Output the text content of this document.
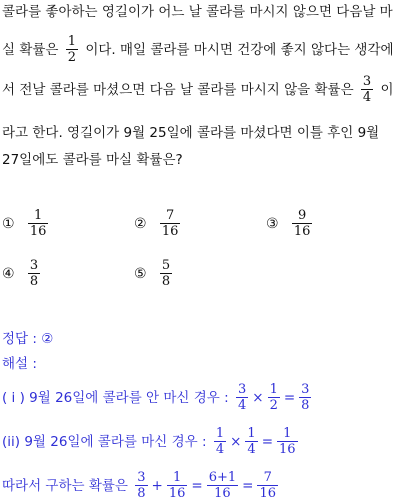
콜라를 좋아하는 영길이가 어느 날 콜라를 마시지 않으면 다음날 마
실 확률은 $\frac{1}{2}$ 이다. 매일 콜라를 마시면 건강에 좋지 않다는 생각에
서 전날 콜라를 마셨으면 다음 날 콜라를 마시지 않을 확률은 $\frac{3}{4}$ 이
라고 한다. 영길이가 9월 25일에 콜라를 마셨다면 이틀 후인 9월
27일에도 콜라를 마실 확률은?
① $\frac{1}{16}$	② $\frac{7}{16}$	③ $\frac{9}{16}$
④ $\frac{3}{8}$	⑤ $\frac{5}{8}$
정답 : ②
해설 :
( i ) 9월 26일에 콜라를 안 마신 경우 : $\frac{3}{4} \times \frac{1}{2} = \frac{3}{8}$
(ii) 9월 26일에 콜라를 마신 경우 : $\frac{1}{4} \times \frac{1}{4} = \frac{1}{16}$
따라서 구하는 확률은 $\frac{3}{8} + \frac{1}{16} = \frac{6+1}{16} = \frac{7}{16}$
